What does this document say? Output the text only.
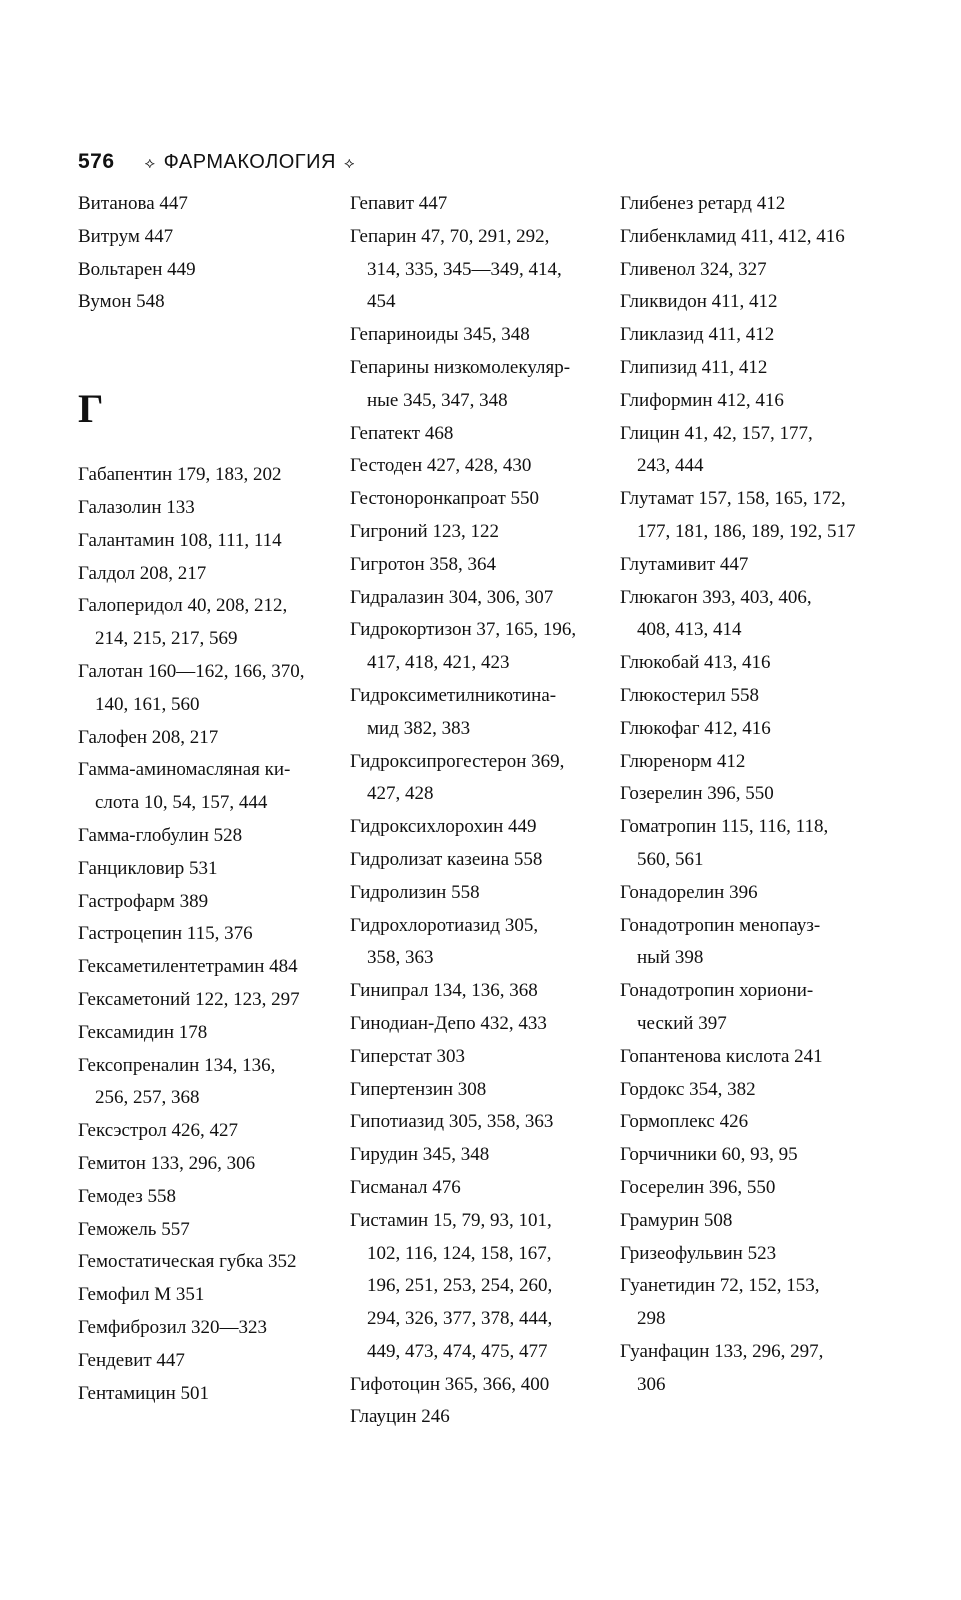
576 ⟡ ФАРМАКОЛОГИЯ ⟡
Витанова 447
Витрум 447
Вольтарен 449
Вумон 548
Г
Габапентин 179, 183, 202
Галазолин 133
Галантамин 108, 111, 114
Галдол 208, 217
Галоперидол 40, 208, 212,
214, 215, 217, 569
Галотан 160—162, 166, 370,
140, 161, 560
Галофен 208, 217
Гамма-аминомасляная ки-
слота 10, 54, 157, 444
Гамма-глобулин 528
Ганцикловир 531
Гастрофарм 389
Гастроцепин 115, 376
Гексаметилентетрамин 484
Гексаметоний 122, 123, 297
Гексамидин 178
Гексопреналин 134, 136,
256, 257, 368
Гексэстрол 426, 427
Гемитон 133, 296, 306
Гемодез 558
Геможель 557
Гемостатическая губка 352
Гемофил М 351
Гемфиброзил 320—323
Гендевит 447
Гентамицин 501
Гепавит 447
Гепарин 47, 70, 291, 292,
314, 335, 345—349, 414,
454
Гепариноиды 345, 348
Гепарины низкомолекуляр-
ные 345, 347, 348
Гепатект 468
Гестоден 427, 428, 430
Гестоноронкапроат 550
Гигроний 123, 122
Гигротон 358, 364
Гидралазин 304, 306, 307
Гидрокортизон 37, 165, 196,
417, 418, 421, 423
Гидроксиметилникотина-
мид 382, 383
Гидроксипрогестерон 369,
427, 428
Гидроксихлорохин 449
Гидролизат казеина 558
Гидролизин 558
Гидрохлоротиазид 305,
358, 363
Гинипрал 134, 136, 368
Гинодиан-Депо 432, 433
Гиперстат 303
Гипертензин 308
Гипотиазид 305, 358, 363
Гирудин 345, 348
Гисманал 476
Гистамин 15, 79, 93, 101,
102, 116, 124, 158, 167,
196, 251, 253, 254, 260,
294, 326, 377, 378, 444,
449, 473, 474, 475, 477
Гифотоцин 365, 366, 400
Глауцин 246
Глибенез ретард 412
Глибенкламид 411, 412, 416
Гливенол 324, 327
Гликвидон 411, 412
Гликлазид 411, 412
Глипизид 411, 412
Глиформин 412, 416
Глицин 41, 42, 157, 177,
243, 444
Глутамат 157, 158, 165, 172,
177, 181, 186, 189, 192, 517
Глутамивит 447
Глюкагон 393, 403, 406,
408, 413, 414
Глюкобай 413, 416
Глюкостерил 558
Глюкофаг 412, 416
Глюренорм 412
Гозерелин 396, 550
Гоматропин 115, 116, 118,
560, 561
Гонадорелин 396
Гонадотропин менопауз-
ный 398
Гонадотропин хориони-
ческий 397
Гопантенова кислота 241
Гордокс 354, 382
Гормоплекс 426
Горчичники 60, 93, 95
Госерелин 396, 550
Грамурин 508
Гризеофульвин 523
Гуанетидин 72, 152, 153,
298
Гуанфацин 133, 296, 297,
306
